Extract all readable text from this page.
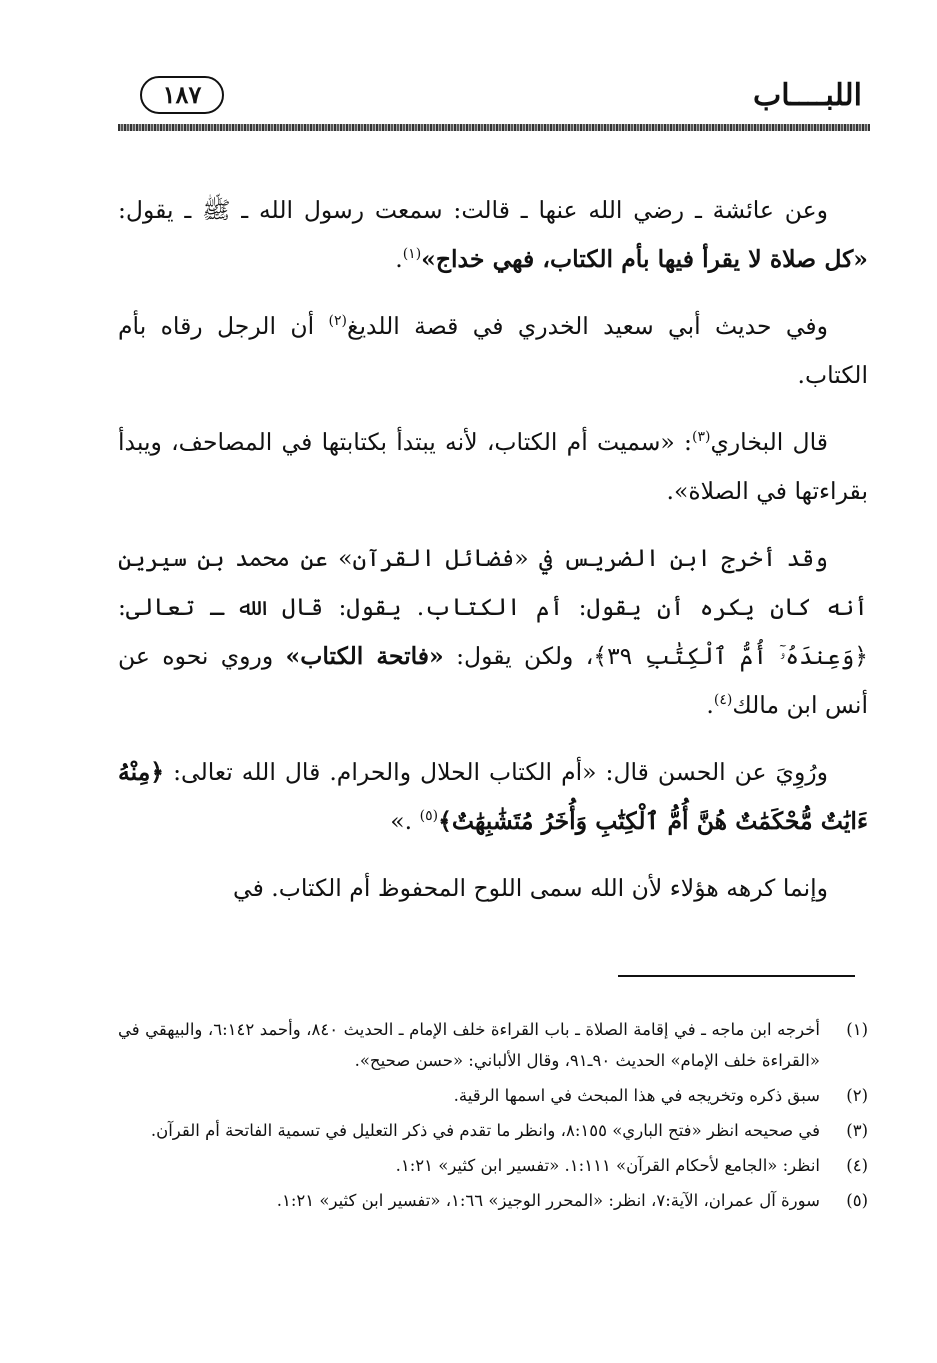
اللبــــاب
١٨٧

وعن عائشة ـ رضي الله عنها ـ قالت: سمعت رسول الله ـ ﷺ ـ يقول: «كل صلاة لا يقرأ فيها بأم الكتاب، فهي خداج»$^{(١)}$.

وفي حديث أبي سعيد الخدري في قصة اللديغ$^{(٢)}$ أن الرجل رقاه بأم الكتاب.

قال البخاري$^{(٣)}$: «سميت أم الكتاب، لأنه يبتدأ بكتابتها في المصاحف، ويبدأ بقراءتها في الصلاة».

وقد أخرج ابن الضريس في «فضائل القرآن» عن محمد بن سيرين أنه كان يكره أن يقول: أم الكتاب. يقول: قال الله ـ تعالى: ﴿وَعِندَهُۥٓ أُمُّ ٱلْكِتَٰبِ ٣٩﴾، ولكن يقول: «فاتحة الكتاب» وروي نحوه عن أنس ابن مالك$^{(٤)}$.

ورُوِيَ عن الحسن قال: «أم الكتاب الحلال والحرام. قال الله تعالى: ﴿مِنْهُ ءَايَٰتٌ مُّحْكَمَٰتٌ هُنَّ أُمُّ ٱلْكِتَٰبِ وَأُخَرُ مُتَشَٰبِهَٰتٌ﴾$^{(٥)}$ .»

وإنما كرهه هؤلاء لأن الله سمى اللوح المحفوظ أم الكتاب. في

(١)
أخرجه ابن ماجه ـ في إقامة الصلاة ـ باب القراءة خلف الإمام ـ الحديث ٨٤٠، وأحمد ٦:١٤٢، والبيهقي في «القراءة خلف الإمام» الحديث ٩٠ـ٩١، وقال الألباني: «حسن صحيح».
(٢)
سبق ذكره وتخريجه في هذا المبحث في اسمها الرقية.
(٣)
في صحيحه انظر «فتح الباري» ٨:١٥٥، وانظر ما تقدم في ذكر التعليل في تسمية الفاتحة أم القرآن.
(٤)
انظر: «الجامع لأحكام القرآن» ١:١١١. «تفسير ابن كثير» ١:٢١.
(٥)
سورة آل عمران، الآية:٧، انظر: «المحرر الوجيز» ١:٦٦، «تفسير ابن كثير» ١:٢١.
